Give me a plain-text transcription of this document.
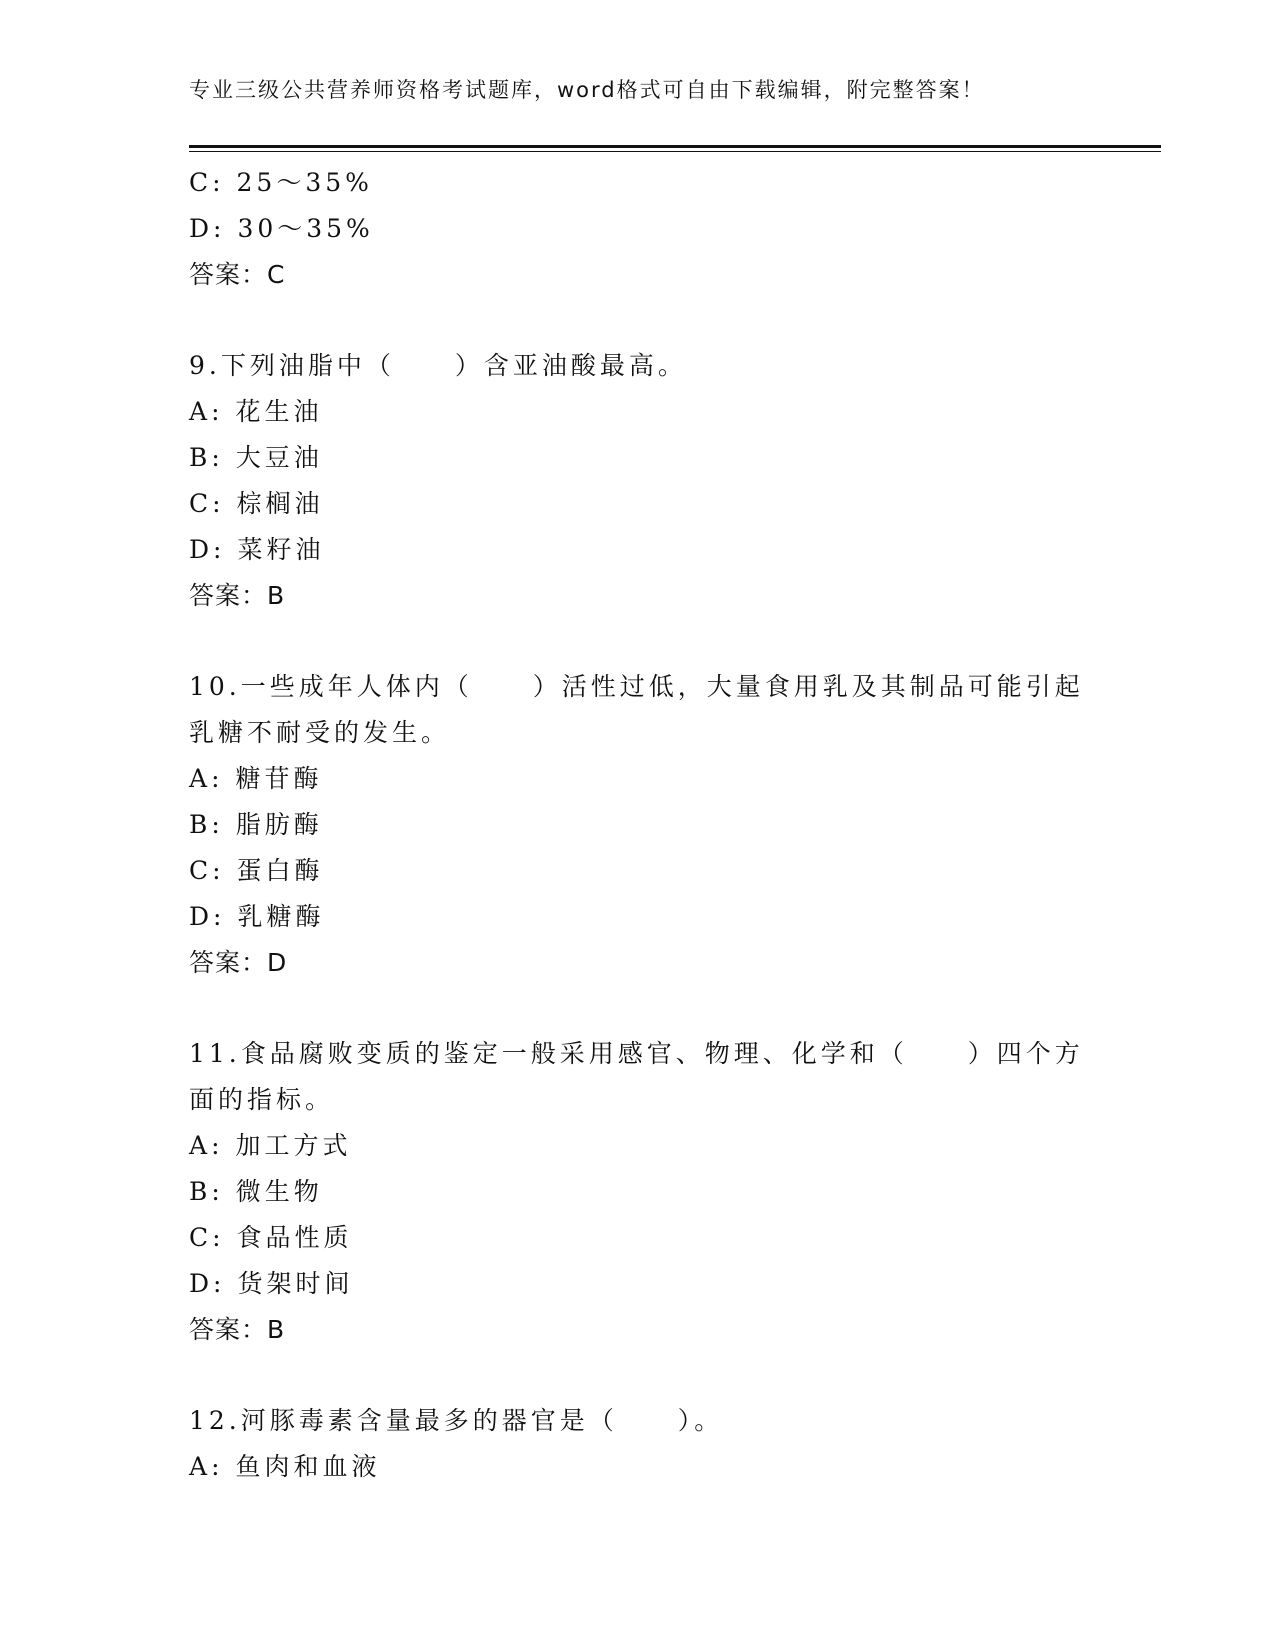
专业三级公共营养师资格考试题库，word格式可自由下载编辑，附完整答案！
C: 25～35%
D: 30～35%
答案：C
9.下列油脂中（ ）含亚油酸最高。
A: 花生油
B: 大豆油
C: 棕榈油
D: 菜籽油
答案：B
10.一些成年人体内（ ）活性过低，大量食用乳及其制品可能引起
乳糖不耐受的发生。
A: 糖苷酶
B: 脂肪酶
C: 蛋白酶
D: 乳糖酶
答案：D
11.食品腐败变质的鉴定一般采用感官、物理、化学和（ ）四个方
面的指标。
A: 加工方式
B: 微生物
C: 食品性质
D: 货架时间
答案：B
12.河豚毒素含量最多的器官是（ ）。
A: 鱼肉和血液
